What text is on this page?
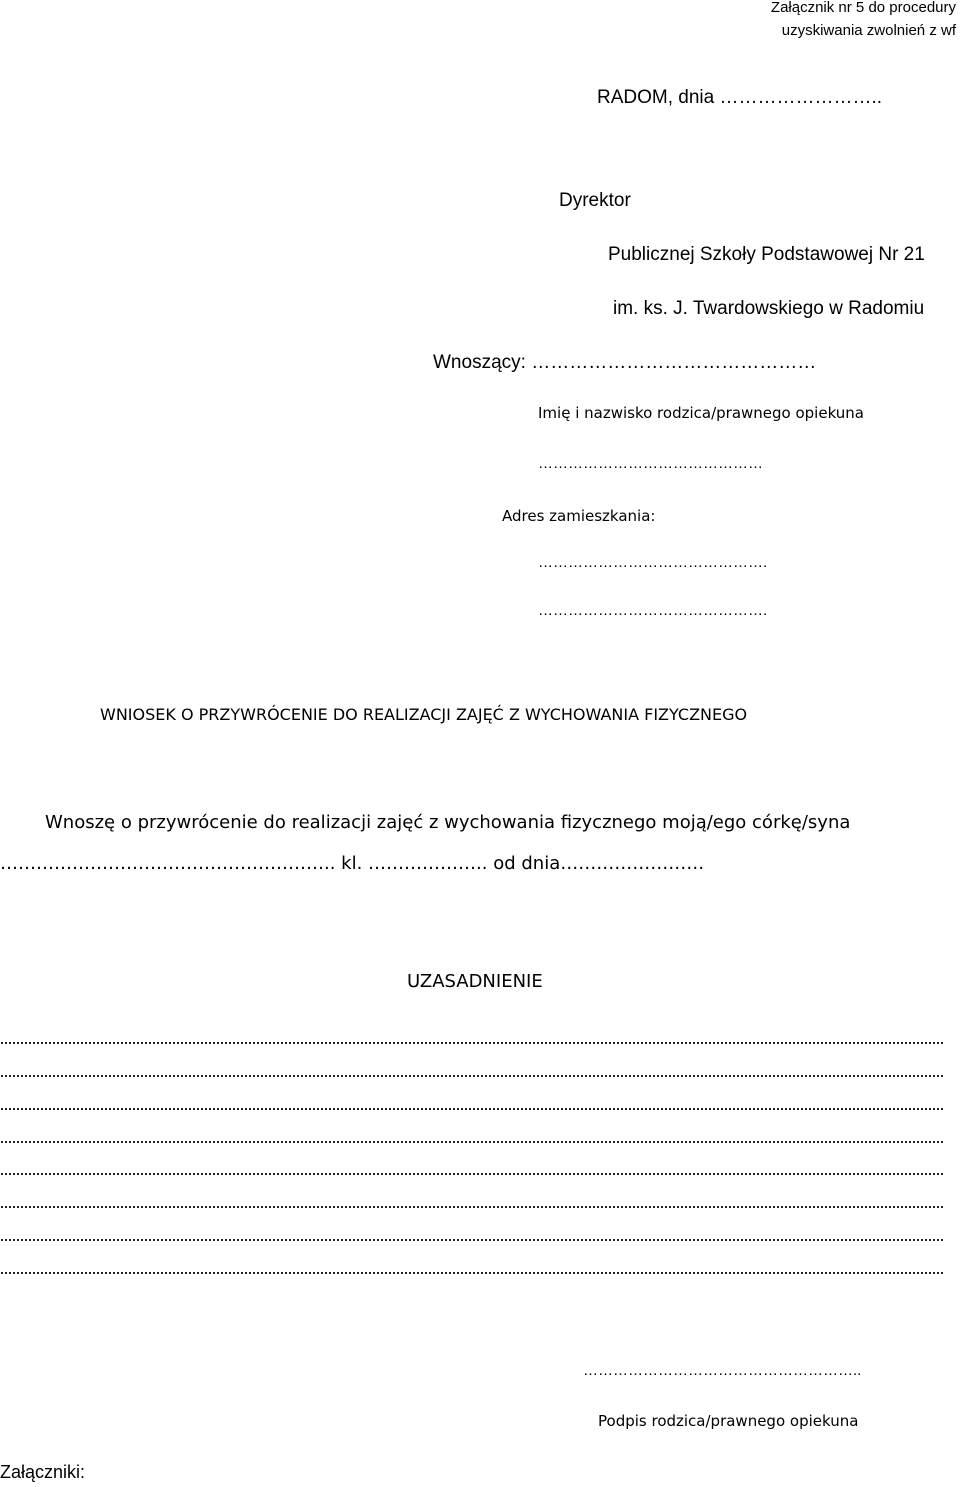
Załącznik nr 5 do procedury
uzyskiwania zwolnień z wf
RADOM, dnia ……………………..
Dyrektor
Publicznej Szkoły Podstawowej Nr 21
im. ks. J. Twardowskiego w Radomiu
Wnoszący: ………………………………………
Imię i nazwisko rodzica/prawnego opiekuna
………………………………………
Adres zamieszkania:
……………………………………….
……………………………………….
WNIOSEK O PRZYWRÓCENIE DO REALIZACJI ZAJĘĆ Z WYCHOWANIA FIZYCZNEGO
Wnoszę o przywrócenie do realizacji zajęć z wychowania fizycznego moją/ego córkę/syna
……………………………………………….. kl. ……………….. od dnia……………………
UZASADNIENIE
………………………………………………..
Podpis rodzica/prawnego opiekuna
Załączniki:
